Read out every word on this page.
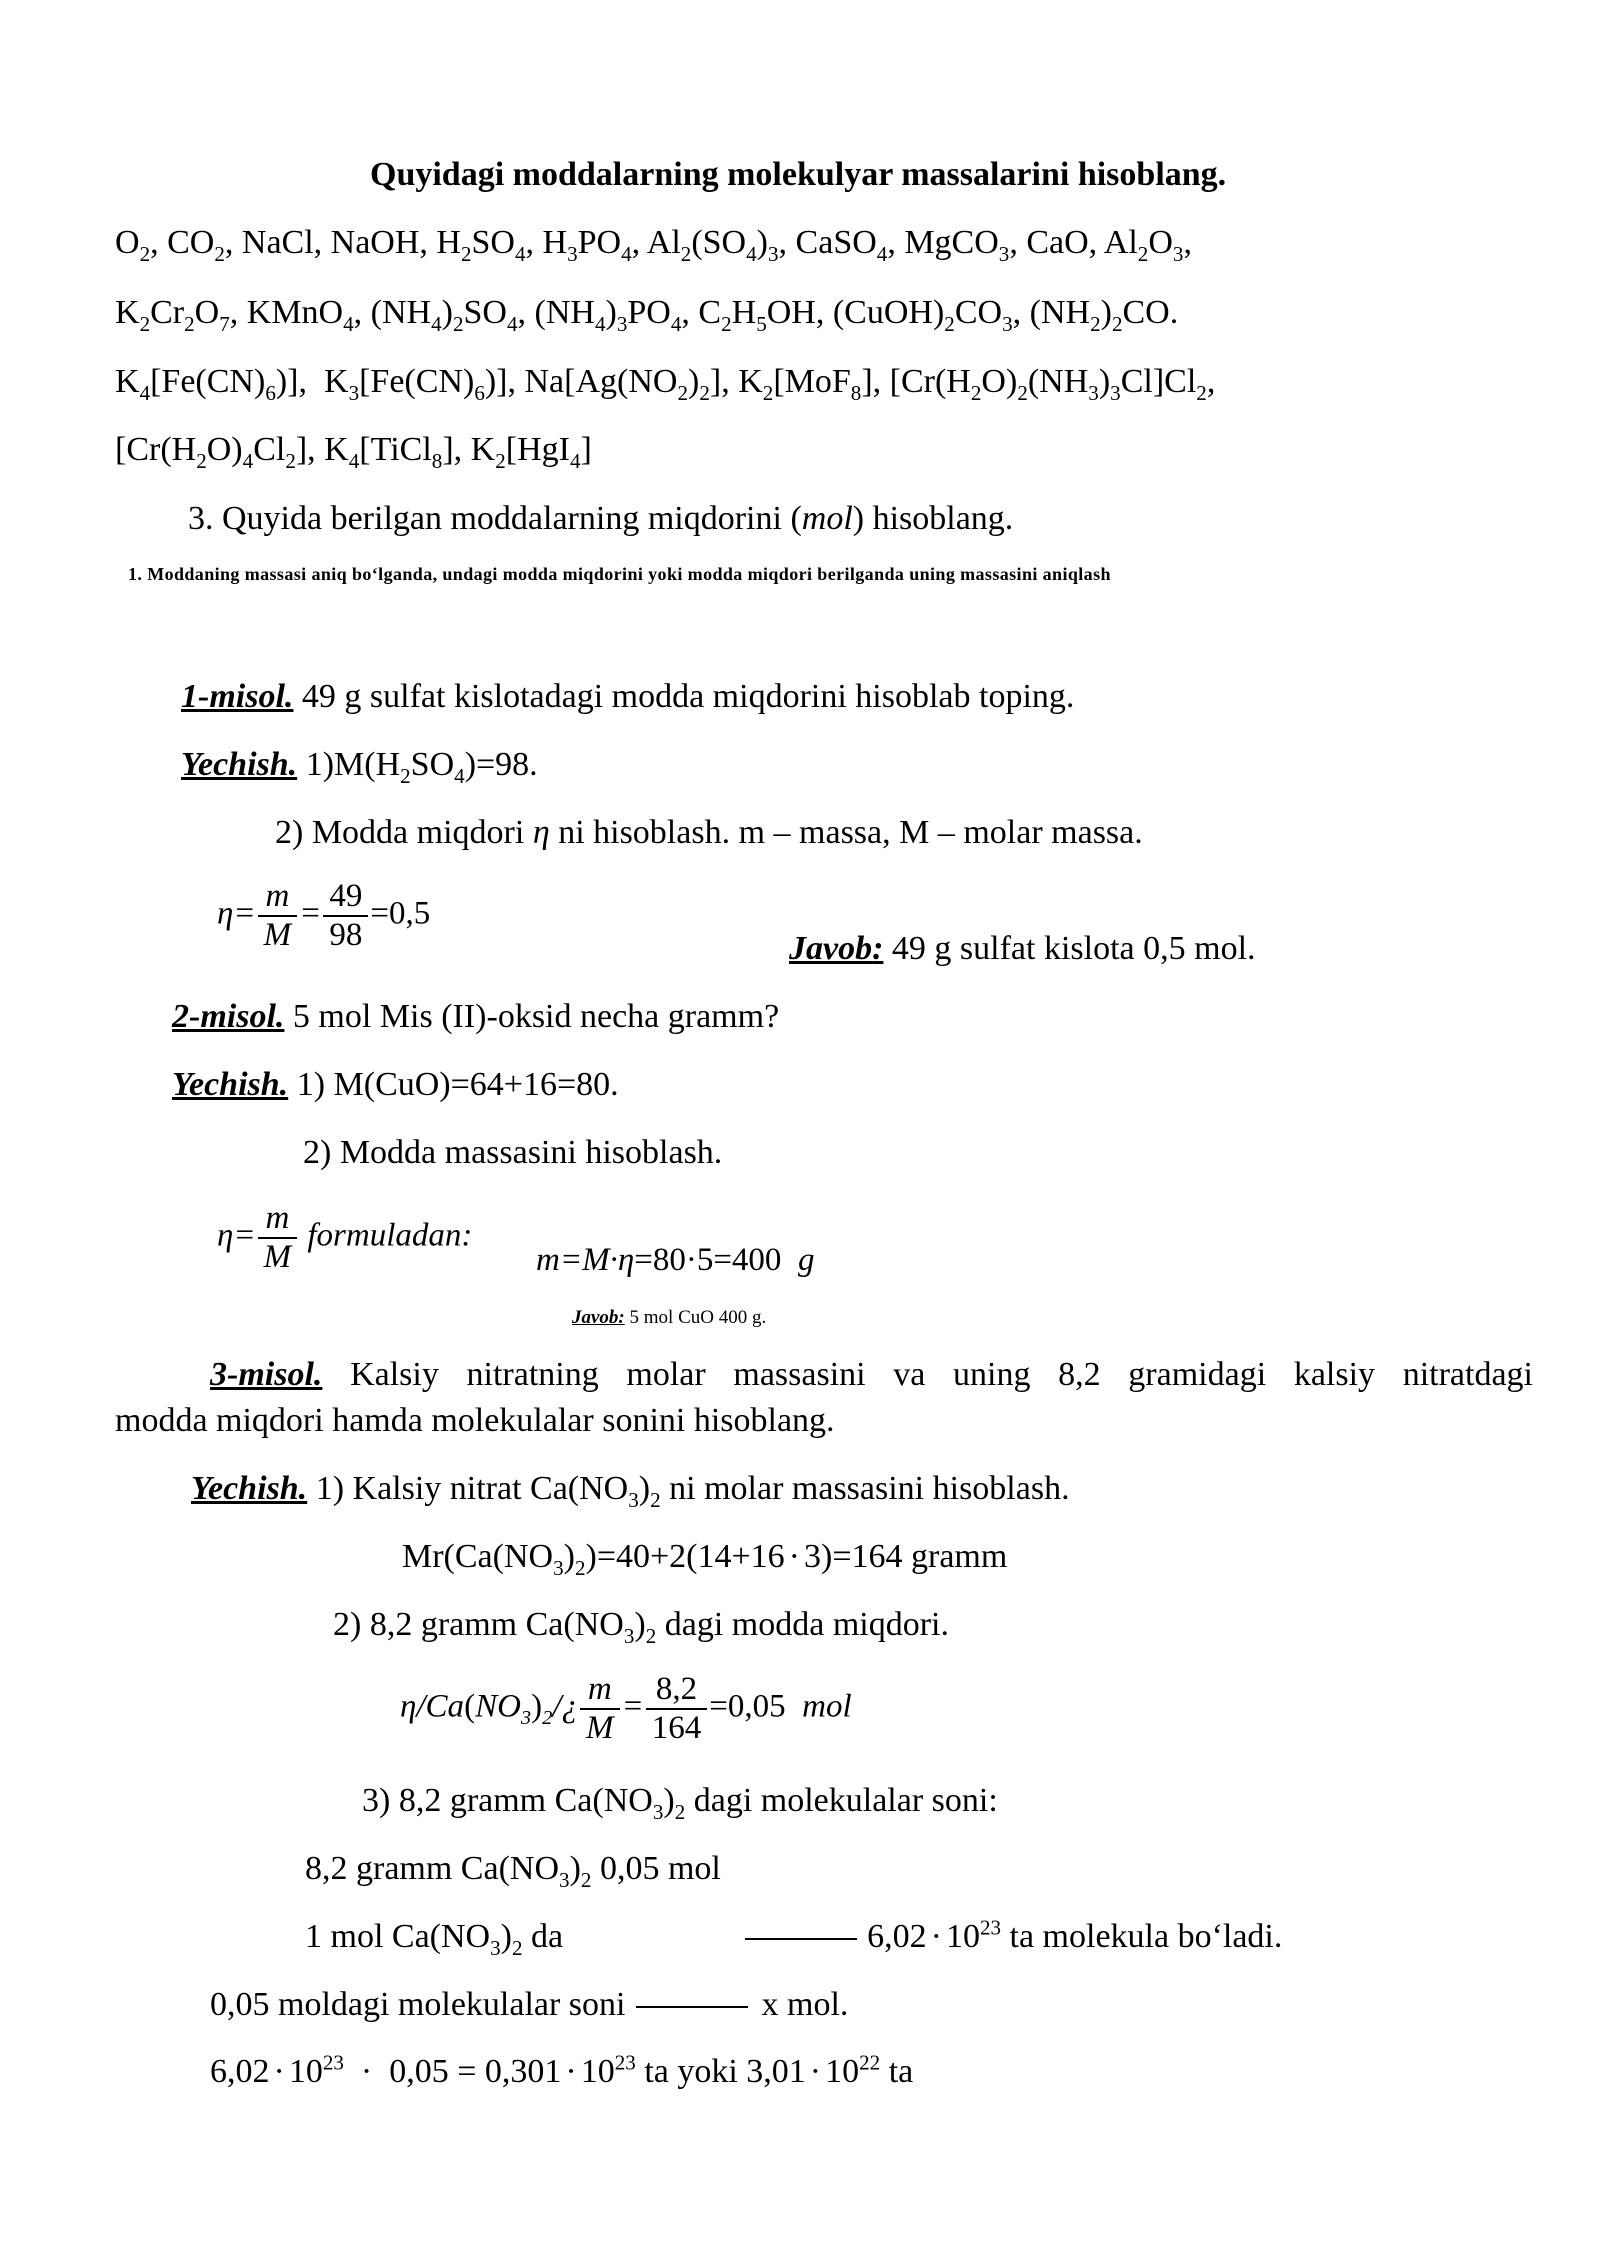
Quyidagi moddalarning molekulyar massalarini hisoblang.
$O_2$, $CO_2$, NaCl, NaOH, $H_2SO_4$, $H_3PO_4$, $Al_2(SO_4)_3$, CaSO$_4$, MgCO$_3$, CaO, $Al_2O_3$,
$K_2Cr_2O_7$, KMnO$_4$, $(NH_4)_2SO_4$, $(NH_4)_3PO_4$, $C_2H_5OH$, $(CuOH)_2CO_3$, $(NH_2)_2CO$.
$K_4[Fe(CN)_6)$],  $K_3[Fe(CN)_6)$], $Na[Ag(NO_2)_2]$, $K_2[MoF_8]$, $[Cr(H_2O)_2(NH_3)_3Cl]Cl_2$,
$[Cr(H_2O)_4Cl_2]$, $K_4[TiCl_8]$, $K_2[HgI_4]$
3. Quyida berilgan moddalarning miqdorini (mol) hisoblang.
1. Moddaning massasi aniq bo‘lganda, undagi modda miqdorini yoki modda miqdori berilganda uning massasini aniqlash
1-misol. 49 g sulfat kislotadagi modda miqdorini hisoblab toping.
Yechish. $1)M(H_2SO_4)=98$.
2) Modda miqdori η ni hisoblash. m – massa, M – molar massa.
$\eta= \frac{m}{M} = \frac{49}{98} =0,5$
Javob: 49 g sulfat kislota 0,5 mol.
2-misol. 5 mol Mis (II)-oksid necha gramm?
Yechish. 1) M(CuO)=64+16=80.
2) Modda massasini hisoblash.
$\eta= \frac{m}{M}$ formuladan:
m=M·η=80·5=400  g
Javob: 5 mol CuO 400 g.
3-misol. Kalsiy nitratning molar massasini va uning 8,2 gramidagi kalsiy nitratdagi
modda miqdori hamda molekulalar sonini hisoblang.
Yechish. 1) Kalsiy nitrat $Ca(NO_3)_2$ ni molar massasini hisoblash.
$Mr(Ca(NO_3)_2)=40+2(14+16 \cdot 3)=164$ gramm
2) 8,2 gramm $Ca(NO_3)_2$ dagi modda miqdori.
$\eta/Ca(NO_3)_2/¿ \frac{m}{M} = \frac{8,2}{164} =0,05$  mol
3) 8,2 gramm $Ca(NO_3)_2$ dagi molekulalar soni:
8,2 gramm $Ca(NO_3)_2$ 0,05 mol
1 mol $Ca(NO_3)_2$ da	$6,02 \cdot 10^{23}$ ta molekula bo‘ladi.
0,05 moldagi molekulalar soni	x mol.
$6,02 \cdot 10^{23} \cdot 0,05 = 0,301 \cdot 10^{23}$ ta yoki $3,01 \cdot 10^{22}$ ta
